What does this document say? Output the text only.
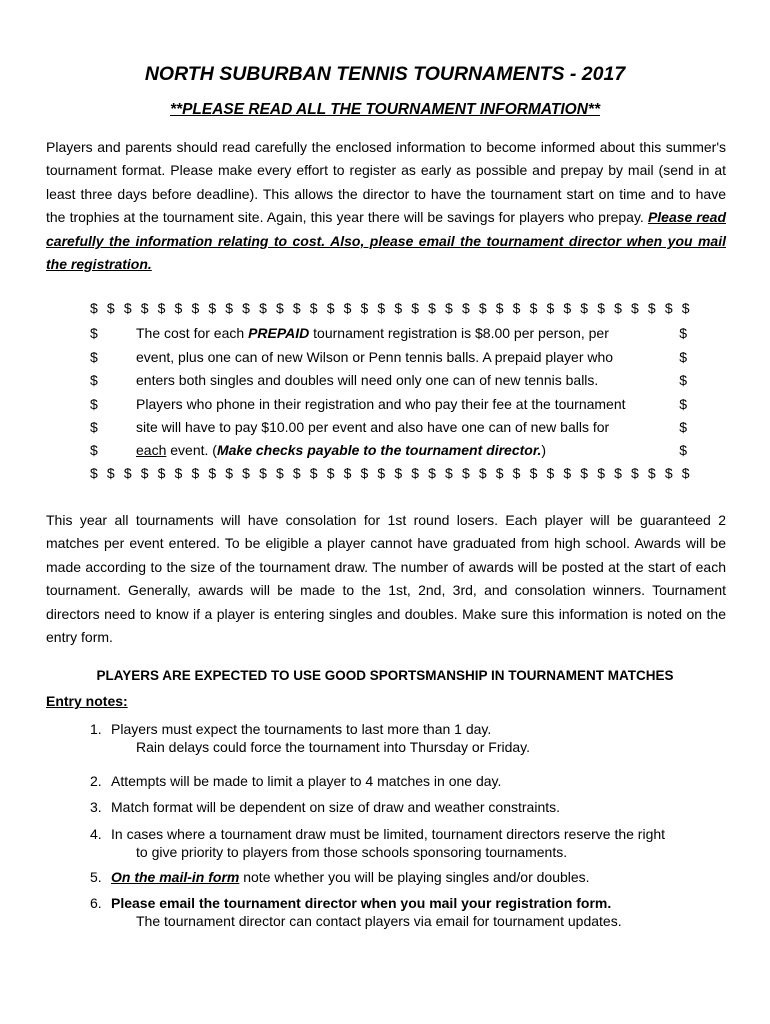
NORTH SUBURBAN TENNIS TOURNAMENTS - 2017
**PLEASE READ ALL THE TOURNAMENT INFORMATION**

Players and parents should read carefully the enclosed information to become informed about this summer's tournament format. Please make every effort to register as early as possible and prepay by mail (send in at least three days before deadline). This allows the director to have the tournament start on time and to have the trophies at the tournament site. Again, this year there will be savings for players who prepay. Please read carefully the information relating to cost. Also, please email the tournament director when you mail the registration.

$ $ $ $ $ $ $ $ $ $ $ $ $ $ $ $ $ $ $ $ $ $ $ $ $ $ $ $ $ $ $ $ $ $ $ $
$	The cost for each PREPAID tournament registration is $8.00 per person, per	$
$	event, plus one can of new Wilson or Penn tennis balls. A prepaid player who	$
$	enters both singles and doubles will need only one can of new tennis balls.	$
$	Players who phone in their registration and who pay their fee at the tournament	$
$	site will have to pay $10.00 per event and also have one can of new balls for	$
$	each event. (Make checks payable to the tournament director.)	$
$ $ $ $ $ $ $ $ $ $ $ $ $ $ $ $ $ $ $ $ $ $ $ $ $ $ $ $ $ $ $ $ $ $ $ $

This year all tournaments will have consolation for 1st round losers. Each player will be guaranteed 2 matches per event entered. To be eligible a player cannot have graduated from high school. Awards will be made according to the size of the tournament draw. The number of awards will be posted at the start of each tournament. Generally, awards will be made to the 1st, 2nd, 3rd, and consolation winners. Tournament directors need to know if a player is entering singles and doubles. Make sure this information is noted on the entry form.

PLAYERS ARE EXPECTED TO USE GOOD SPORTSMANSHIP IN TOURNAMENT MATCHES
Entry notes:
1. Players must expect the tournaments to last more than 1 day.
Rain delays could force the tournament into Thursday or Friday.
2. Attempts will be made to limit a player to 4 matches in one day.
3. Match format will be dependent on size of draw and weather constraints.
4. In cases where a tournament draw must be limited, tournament directors reserve the right
to give priority to players from those schools sponsoring tournaments.
5. On the mail-in form note whether you will be playing singles and/or doubles.
6. Please email the tournament director when you mail your registration form.
The tournament director can contact players via email for tournament updates.
